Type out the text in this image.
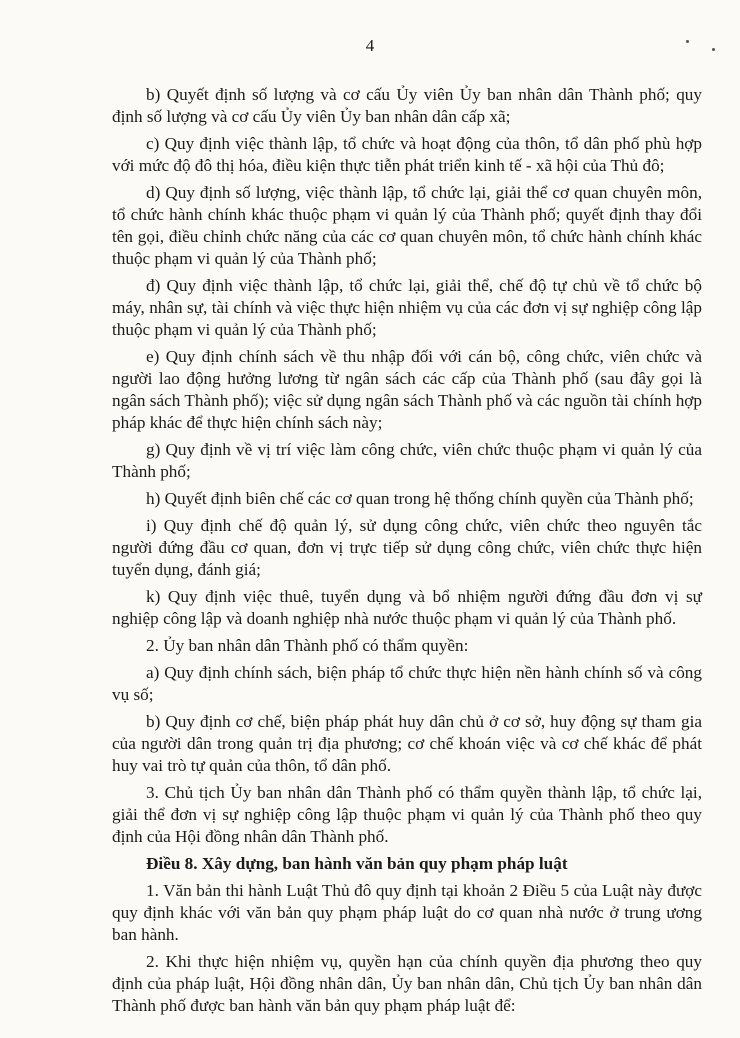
4

b) Quyết định số lượng và cơ cấu Ủy viên Ủy ban nhân dân Thành phố; quy định số lượng và cơ cấu Ủy viên Ủy ban nhân dân cấp xã;

c) Quy định việc thành lập, tổ chức và hoạt động của thôn, tổ dân phố phù hợp với mức độ đô thị hóa, điều kiện thực tiễn phát triển kinh tế - xã hội của Thủ đô;

d) Quy định số lượng, việc thành lập, tổ chức lại, giải thể cơ quan chuyên môn, tổ chức hành chính khác thuộc phạm vi quản lý của Thành phố; quyết định thay đổi tên gọi, điều chỉnh chức năng của các cơ quan chuyên môn, tổ chức hành chính khác thuộc phạm vi quản lý của Thành phố;

đ) Quy định việc thành lập, tổ chức lại, giải thể, chế độ tự chủ về tổ chức bộ máy, nhân sự, tài chính và việc thực hiện nhiệm vụ của các đơn vị sự nghiệp công lập thuộc phạm vi quản lý của Thành phố;

e) Quy định chính sách về thu nhập đối với cán bộ, công chức, viên chức và người lao động hưởng lương từ ngân sách các cấp của Thành phố (sau đây gọi là ngân sách Thành phố); việc sử dụng ngân sách Thành phố và các nguồn tài chính hợp pháp khác để thực hiện chính sách này;

g) Quy định về vị trí việc làm công chức, viên chức thuộc phạm vi quản lý của Thành phố;

h) Quyết định biên chế các cơ quan trong hệ thống chính quyền của Thành phố;

i) Quy định chế độ quản lý, sử dụng công chức, viên chức theo nguyên tắc người đứng đầu cơ quan, đơn vị trực tiếp sử dụng công chức, viên chức thực hiện tuyển dụng, đánh giá;

k) Quy định việc thuê, tuyển dụng và bổ nhiệm người đứng đầu đơn vị sự nghiệp công lập và doanh nghiệp nhà nước thuộc phạm vi quản lý của Thành phố.

2. Ủy ban nhân dân Thành phố có thẩm quyền:

a) Quy định chính sách, biện pháp tổ chức thực hiện nền hành chính số và công vụ số;

b) Quy định cơ chế, biện pháp phát huy dân chủ ở cơ sở, huy động sự tham gia của người dân trong quản trị địa phương; cơ chế khoán việc và cơ chế khác để phát huy vai trò tự quản của thôn, tổ dân phố.

3. Chủ tịch Ủy ban nhân dân Thành phố có thẩm quyền thành lập, tổ chức lại, giải thể đơn vị sự nghiệp công lập thuộc phạm vi quản lý của Thành phố theo quy định của Hội đồng nhân dân Thành phố.

Điều 8. Xây dựng, ban hành văn bản quy phạm pháp luật

1. Văn bản thi hành Luật Thủ đô quy định tại khoản 2 Điều 5 của Luật này được quy định khác với văn bản quy phạm pháp luật do cơ quan nhà nước ở trung ương ban hành.

2. Khi thực hiện nhiệm vụ, quyền hạn của chính quyền địa phương theo quy định của pháp luật, Hội đồng nhân dân, Ủy ban nhân dân, Chủ tịch Ủy ban nhân dân Thành phố được ban hành văn bản quy phạm pháp luật để:
